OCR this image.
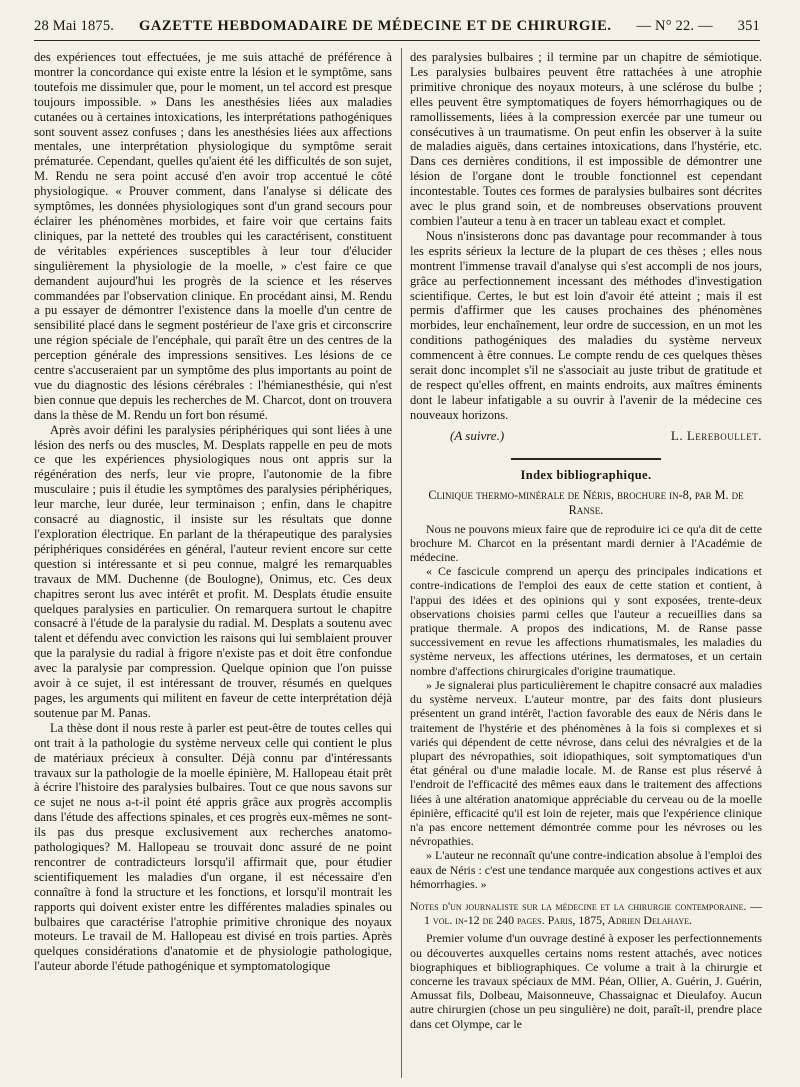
28 Mai 1875. GAZETTE HEBDOMADAIRE DE MÉDECINE ET DE CHIRURGIE. — N° 22. — 351

des expériences tout effectuées, je me suis attaché de préférence à montrer la concordance qui existe entre la lésion et le symptôme, sans toutefois me dissimuler que, pour le moment, un tel accord est presque toujours impossible. » Dans les anesthésies liées aux maladies cutanées ou à certaines intoxications, les interprétations pathogéniques sont souvent assez confuses ; dans les anesthésies liées aux affections mentales, une interprétation physiologique du symptôme serait prématurée. Cependant, quelles qu'aient été les difficultés de son sujet, M. Rendu ne sera point accusé d'en avoir trop accentué le côté physiologique. « Prouver comment, dans l'analyse si délicate des symptômes, les données physiologiques sont d'un grand secours pour éclairer les phénomènes morbides, et faire voir que certains faits cliniques, par la netteté des troubles qui les caractérisent, constituent de véritables expériences susceptibles à leur tour d'élucider singulièrement la physiologie de la moelle, » c'est faire ce que demandent aujourd'hui les progrès de la science et les réserves commandées par l'observation clinique. En procédant ainsi, M. Rendu a pu essayer de démontrer l'existence dans la moelle d'un centre de sensibilité placé dans le segment postérieur de l'axe gris et circonscrire une région spéciale de l'encéphale, qui paraît être un des centres de la perception générale des impressions sensitives. Les lésions de ce centre s'accuseraient par un symptôme des plus importants au point de vue du diagnostic des lésions cérébrales : l'hémianesthésie, qui n'est bien connue que depuis les recherches de M. Charcot, dont on trouvera dans la thèse de M. Rendu un fort bon résumé.

Après avoir défini les paralysies périphériques qui sont liées à une lésion des nerfs ou des muscles, M. Desplats rappelle en peu de mots ce que les expériences physiologiques nous ont appris sur la régénération des nerfs, leur vie propre, l'autonomie de la fibre musculaire ; puis il étudie les symptômes des paralysies périphériques, leur marche, leur durée, leur terminaison ; enfin, dans le chapitre consacré au diagnostic, il insiste sur les résultats que donne l'exploration électrique. En parlant de la thérapeutique des paralysies périphériques considérées en général, l'auteur revient encore sur cette question si intéressante et si peu connue, malgré les remarquables travaux de MM. Duchenne (de Boulogne), Onimus, etc. Ces deux chapitres seront lus avec intérêt et profit. M. Desplats étudie ensuite quelques paralysies en particulier. On remarquera surtout le chapitre consacré à l'étude de la paralysie du radial. M. Desplats a soutenu avec talent et défendu avec conviction les raisons qui lui semblaient prouver que la paralysie du radial à frigore n'existe pas et doit être confondue avec la paralysie par compression. Quelque opinion que l'on puisse avoir à ce sujet, il est intéressant de trouver, résumés en quelques pages, les arguments qui militent en faveur de cette interprétation déjà soutenue par M. Panas.

La thèse dont il nous reste à parler est peut-être de toutes celles qui ont trait à la pathologie du système nerveux celle qui contient le plus de matériaux précieux à consulter. Déjà connu par d'intéressants travaux sur la pathologie de la moelle épinière, M. Hallopeau était prêt à écrire l'histoire des paralysies bulbaires. Tout ce que nous savons sur ce sujet ne nous a-t-il point été appris grâce aux progrès accomplis dans l'étude des affections spinales, et ces progrès eux-mêmes ne sont-ils pas dus presque exclusivement aux recherches anatomo-pathologiques? M. Hallopeau se trouvait donc assuré de ne point rencontrer de contradicteurs lorsqu'il affirmait que, pour étudier scientifiquement les maladies d'un organe, il est nécessaire d'en connaître à fond la structure et les fonctions, et lorsqu'il montrait les rapports qui doivent exister entre les différentes maladies spinales ou bulbaires que caractérise l'atrophie primitive chronique des noyaux moteurs. Le travail de M. Hallopeau est divisé en trois parties. Après quelques considérations d'anatomie et de physiologie pathologique, l'auteur aborde l'étude pathogénique et symptomatologique

des paralysies bulbaires ; il termine par un chapitre de sémiotique. Les paralysies bulbaires peuvent être rattachées à une atrophie primitive chronique des noyaux moteurs, à une sclérose du bulbe ; elles peuvent être symptomatiques de foyers hémorrhagiques ou de ramollissements, liées à la compression exercée par une tumeur ou consécutives à un traumatisme. On peut enfin les observer à la suite de maladies aiguës, dans certaines intoxications, dans l'hystérie, etc. Dans ces dernières conditions, il est impossible de démontrer une lésion de l'organe dont le trouble fonctionnel est cependant incontestable. Toutes ces formes de paralysies bulbaires sont décrites avec le plus grand soin, et de nombreuses observations prouvent combien l'auteur a tenu à en tracer un tableau exact et complet.

Nous n'insisterons donc pas davantage pour recommander à tous les esprits sérieux la lecture de la plupart de ces thèses ; elles nous montrent l'immense travail d'analyse qui s'est accompli de nos jours, grâce au perfectionnement incessant des méthodes d'investigation scientifique. Certes, le but est loin d'avoir été atteint ; mais il est permis d'affirmer que les causes prochaines des phénomènes morbides, leur enchaînement, leur ordre de succession, en un mot les conditions pathogéniques des maladies du système nerveux commencent à être connues. Le compte rendu de ces quelques thèses serait donc incomplet s'il ne s'associait au juste tribut de gratitude et de respect qu'elles offrent, en maints endroits, aux maîtres éminents dont le labeur infatigable a su ouvrir à l'avenir de la médecine ces nouveaux horizons.

(A suivre.)	L. Lereboullet.
Index bibliographique.
Clinique thermo-minérale de Néris, brochure in-8, par M. de Ranse.

Nous ne pouvons mieux faire que de reproduire ici ce qu'a dit de cette brochure M. Charcot en la présentant mardi dernier à l'Académie de médecine.

« Ce fascicule comprend un aperçu des principales indications et contre-indications de l'emploi des eaux de cette station et contient, à l'appui des idées et des opinions qui y sont exposées, trente-deux observations choisies parmi celles que l'auteur a recueillies dans sa pratique thermale. A propos des indications, M. de Ranse passe successivement en revue les affections rhumatismales, les maladies du système nerveux, les affections utérines, les dermatoses, et un certain nombre d'affections chirurgicales d'origine traumatique.

» Je signalerai plus particulièrement le chapitre consacré aux maladies du système nerveux. L'auteur montre, par des faits dont plusieurs présentent un grand intérêt, l'action favorable des eaux de Néris dans le traitement de l'hystérie et des phénomènes à la fois si complexes et si variés qui dépendent de cette névrose, dans celui des névralgies et de la plupart des névropathies, soit idiopathiques, soit symptomatiques d'un état général ou d'une maladie locale. M. de Ranse est plus réservé à l'endroit de l'efficacité des mêmes eaux dans le traitement des affections liées à une altération anatomique appréciable du cerveau ou de la moelle épinière, efficacité qu'il est loin de rejeter, mais que l'expérience clinique n'a pas encore nettement démontrée comme pour les névroses ou les névropathies.

» L'auteur ne reconnaît qu'une contre-indication absolue à l'emploi des eaux de Néris : c'est une tendance marquée aux congestions actives et aux hémorrhagies. »

Notes d'un journaliste sur la médecine et la chirurgie contemporaine. — 1 vol. in-12 de 240 pages. Paris, 1875, Adrien Delahaye.

Premier volume d'un ouvrage destiné à exposer les perfectionnements ou découvertes auxquelles certains noms restent attachés, avec notices biographiques et bibliographiques. Ce volume a trait à la chirurgie et concerne les travaux spéciaux de MM. Péan, Ollier, A. Guérin, J. Guérin, Amussat fils, Dolbeau, Maisonneuve, Chassaignac et Dieulafoy. Aucun autre chirurgien (chose un peu singulière) ne doit, paraît-il, prendre place dans cet Olympe, car le
